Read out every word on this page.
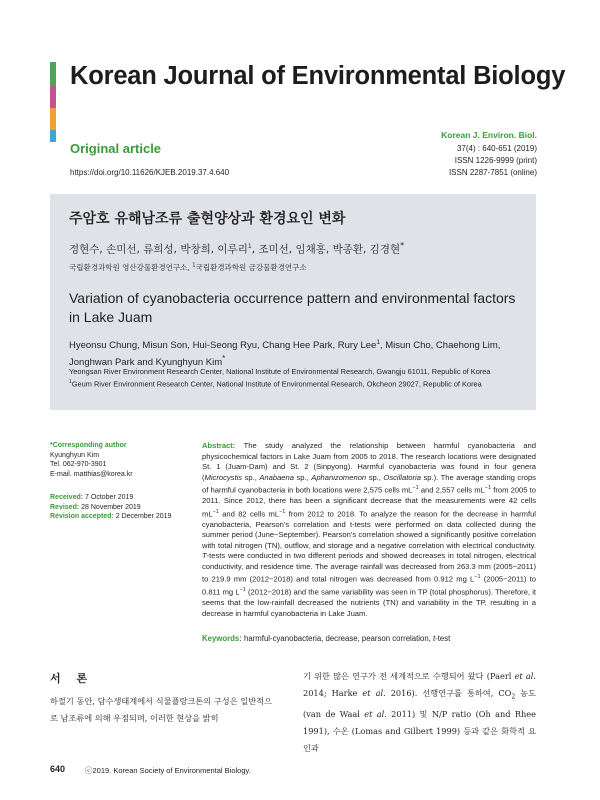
Korean Journal of Environmental Biology
Original article
https://doi.org/10.11626/KJEB.2019.37.4.640
Korean J. Environ. Biol.
37(4) : 640-651 (2019)
ISSN 1226-9999 (print)
ISSN 2287-7851 (online)
주암호 유해남조류 출현양상과 환경요인 변화
정현수, 손미선, 류희성, 박창희, 이루리$^1$, 조미선, 임채홍, 박종환, 김경현*
국립환경과학원 영산강물환경연구소, $^1$국립환경과학원 금강물환경연구소
Variation of cyanobacteria occurrence pattern and environmental factors in Lake Juam
Hyeonsu Chung, Misun Son, Hui-Seong Ryu, Chang Hee Park, Rury Lee$^1$, Misun Cho, Chaehong Lim, Jonghwan Park and Kyunghyun Kim*
Yeongsan River Environment Research Center, National Institute of Environmental Research, Gwangju 61011, Republic of Korea
$^1$Geum River Environment Research Center, National Institute of Environmental Research, Okcheon 29027, Republic of Korea
*Corresponding author
Kyunghyun Kim
Tel. 062-970-3901
E-mail. matthias@korea.kr
Received: 7 October 2019
Revised: 28 November 2019
Revision accepted: 2 December 2019
Abstract: The study analyzed the relationship between harmful cyanobacteria and physicochemical factors in Lake Juam from 2005 to 2018. The research locations were designated St. 1 (Juam-Dam) and St. 2 (Sinpyong). Harmful cyanobacteria was found in four genera (Microcystis sp., Anabaena sp., Aphanizomenon sp., Oscillatoria sp.). The average standing crops of harmful cyanobacteria in both locations were 2,575 cells $mL^{-1}$ and 2,557 cells $mL^{-1}$ from 2005 to 2011. Since 2012, there has been a significant decrease that the measurements were 42 cells $mL^{-1}$ and 82 cells $mL^{-1}$ from 2012 to 2018. To analyze the reason for the decrease in harmful cyanobacteria, Pearson’s correlation and t-tests were performed on data collected during the summer period (June−September). Pearson’s correlation showed a significantly positive correlation with total nitrogen (TN), outflow, and storage and a negative correlation with electrical conductivity. T-tests were conducted in two different periods and showed decreases in total nitrogen, electrical conductivity, and residence time. The average rainfall was decreased from 263.3 mm (2005−2011) to 219.9 mm (2012−2018) and total nitrogen was decreased from 0.912 mg $L^{-1}$ (2005−2011) to 0.811 mg $L^{-1}$ (2012−2018) and the same variability was seen in TP (total phosphorus). Therefore, it seems that the low-rainfall decreased the nutrients (TN) and variability in the TP, resulting in a decrease in harmful cyanobacteria in Lake Juam.
Keywords: harmful-cyanobacteria, decrease, pearson correlation, t-test
서 론
하절기 동안, 담수생태계에서 식물플랑크톤의 구성은 일반적으로 남조류에 의해 우점되며, 이러한 현상을 밝히
기 위한 많은 연구가 전 세계적으로 수행되어 왔다 (Paerl et al. 2014; Harke et al. 2016). 선행연구를 통하여, $CO_2$ 농도 (van de Waal et al. 2011) 및 N/P ratio (Oh and Rhee 1991), 수온 (Lomas and Gilbert 1999) 등과 같은 화학적 요인과
640	ⓒ2019. Korean Society of Environmental Biology.
